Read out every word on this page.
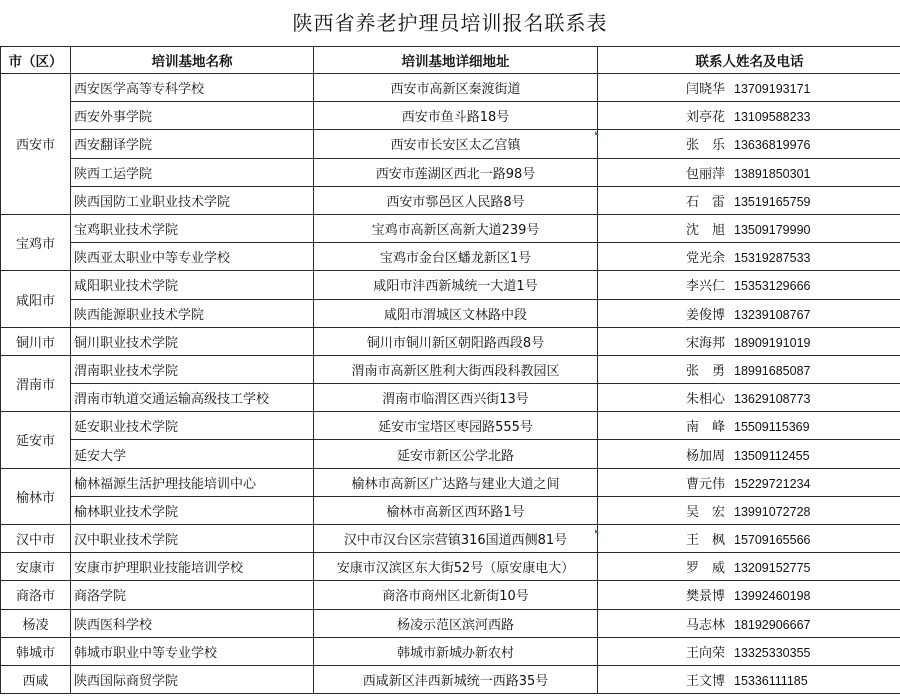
陕西省养老护理员培训报名联系表
市（区）	培训基地名称	培训基地详细地址	联系人姓名及电话
西安市	西安医学高等专科学校	西安市高新区秦渡街道	闫晓华 13709193171
	西安外事学院	西安市鱼斗路18号	刘亭花 13109588233
	西安翻译学院	西安市长安区太乙宫镇	张　乐 13636819976
	陕西工运学院	西安市莲湖区西北一路98号	包丽萍 13891850301
	陕西国防工业职业技术学院	西安市鄠邑区人民路8号	石　雷 13519165759
宝鸡市	宝鸡职业技术学院	宝鸡市高新区高新大道239号	沈　旭 13509179990
	陕西亚太职业中等专业学校	宝鸡市金台区蟠龙新区1号	党光余 15319287533
咸阳市	咸阳职业技术学院	咸阳市沣西新城统一大道1号	李兴仁 15353129666
	陕西能源职业技术学院	咸阳市渭城区文林路中段	姜俊博 13239108767
铜川市	铜川职业技术学院	铜川市铜川新区朝阳路西段8号	宋海邦 18909191019
渭南市	渭南职业技术学院	渭南市高新区胜利大街西段科教园区	张　勇 18991685087
	渭南市轨道交通运输高级技工学校	渭南市临渭区西兴街13号	朱相心 13629108773
延安市	延安职业技术学院	延安市宝塔区枣园路555号	南　峰 15509115369
	延安大学	延安市新区公学北路	杨加周 13509112455
榆林市	榆林福源生活护理技能培训中心	榆林市高新区广达路与建业大道之间	曹元伟 15229721234
	榆林职业技术学院	榆林市高新区西环路1号	吴　宏 13991072728
汉中市	汉中职业技术学院	汉中市汉台区宗营镇316国道西侧81号	王　枫 15709165566
安康市	安康市护理职业技能培训学校	安康市汉滨区东大街52号（原安康电大）	罗　威 13209152775
商洛市	商洛学院	商洛市商州区北新街10号	樊景博 13992460198
杨凌	陕西医科学校	杨凌示范区滨河西路	马志林 18192906667
韩城市	韩城市职业中等专业学校	韩城市新城办新农村	王向荣 13325330355
西咸	陕西国际商贸学院	西咸新区沣西新城统一西路35号	王文博 15336111185
